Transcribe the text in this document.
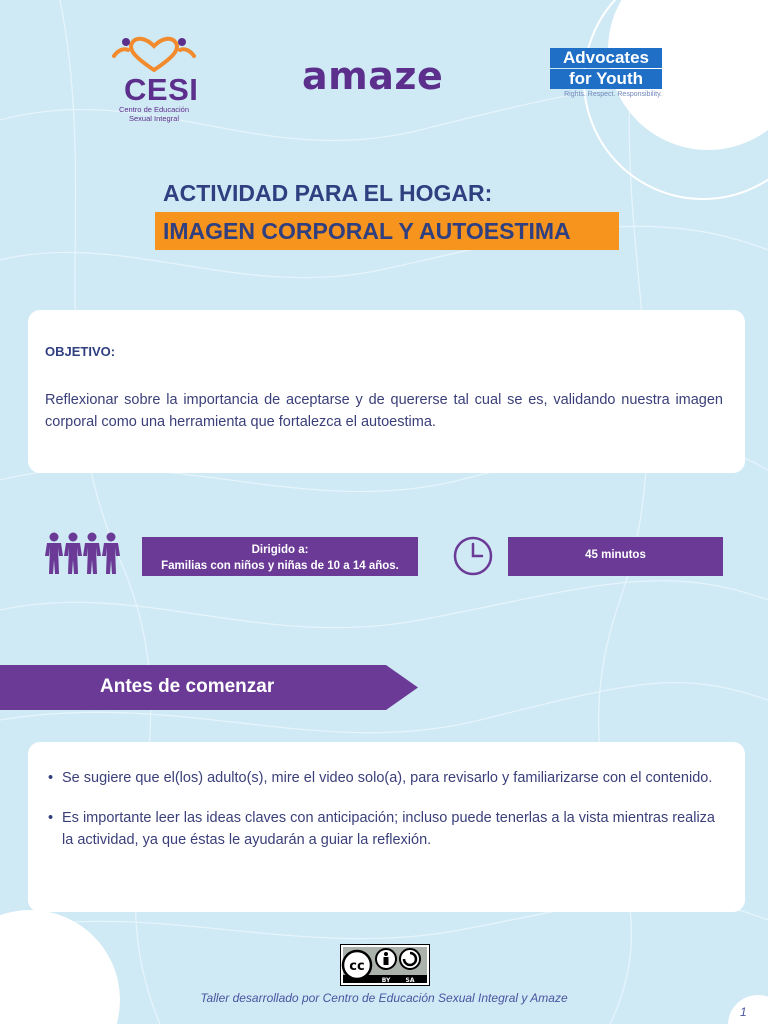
CESI
Centro de Educación
Sexual Integral
amaze	Advocates
for Youth
Rights. Respect. Responsibility.
ACTIVIDAD PARA EL HOGAR:
IMAGEN CORPORAL Y AUTOESTIMA
OBJETIVO:
Reflexionar sobre la importancia de aceptarse y de quererse tal cual se es, validando nuestra imagen corporal como una herramienta que fortalezca el autoestima.
Dirigido a:
Familias con niños y niñas de 10 a 14 años.
45 minutos
Antes de comenzar
• Se sugiere que el(los) adulto(s), mire el video solo(a), para revisarlo y familiarizarse con el contenido.
• Es importante leer las ideas claves con anticipación; incluso puede tenerlas a la vista mientras realiza la actividad, ya que éstas le ayudarán a guiar la reflexión.
cc
BY	SA
Taller desarrollado por Centro de Educación Sexual Integral y Amaze
1
